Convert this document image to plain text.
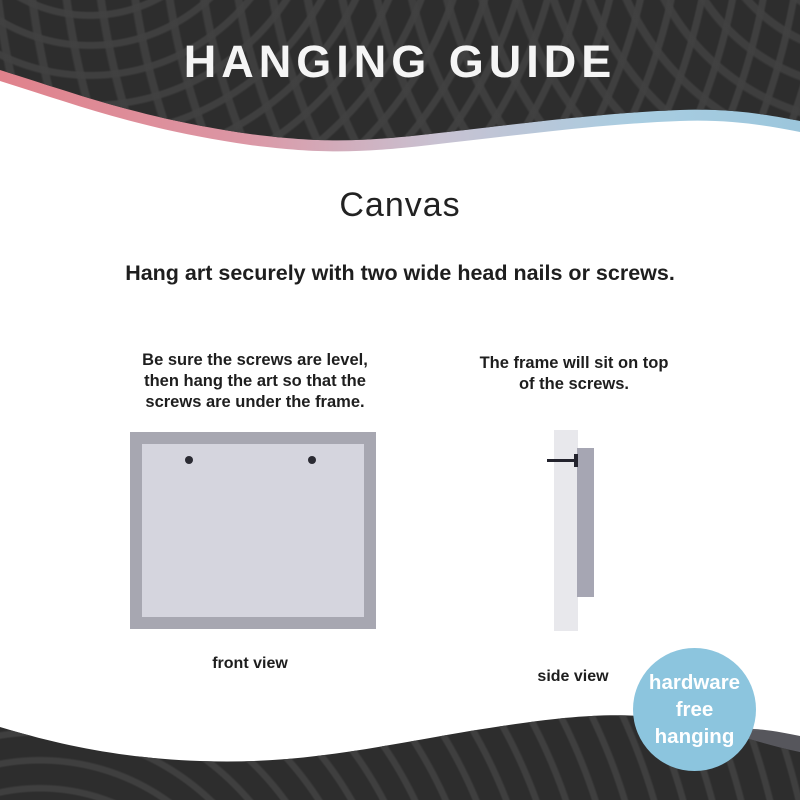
HANGING GUIDE
Canvas
Hang art securely with two wide head nails or screws.
Be sure the screws are level,
then hang the art so that the
screws are under the frame.
The frame will sit on top
of the screws.
front view
side view	hardware
free
hanging
